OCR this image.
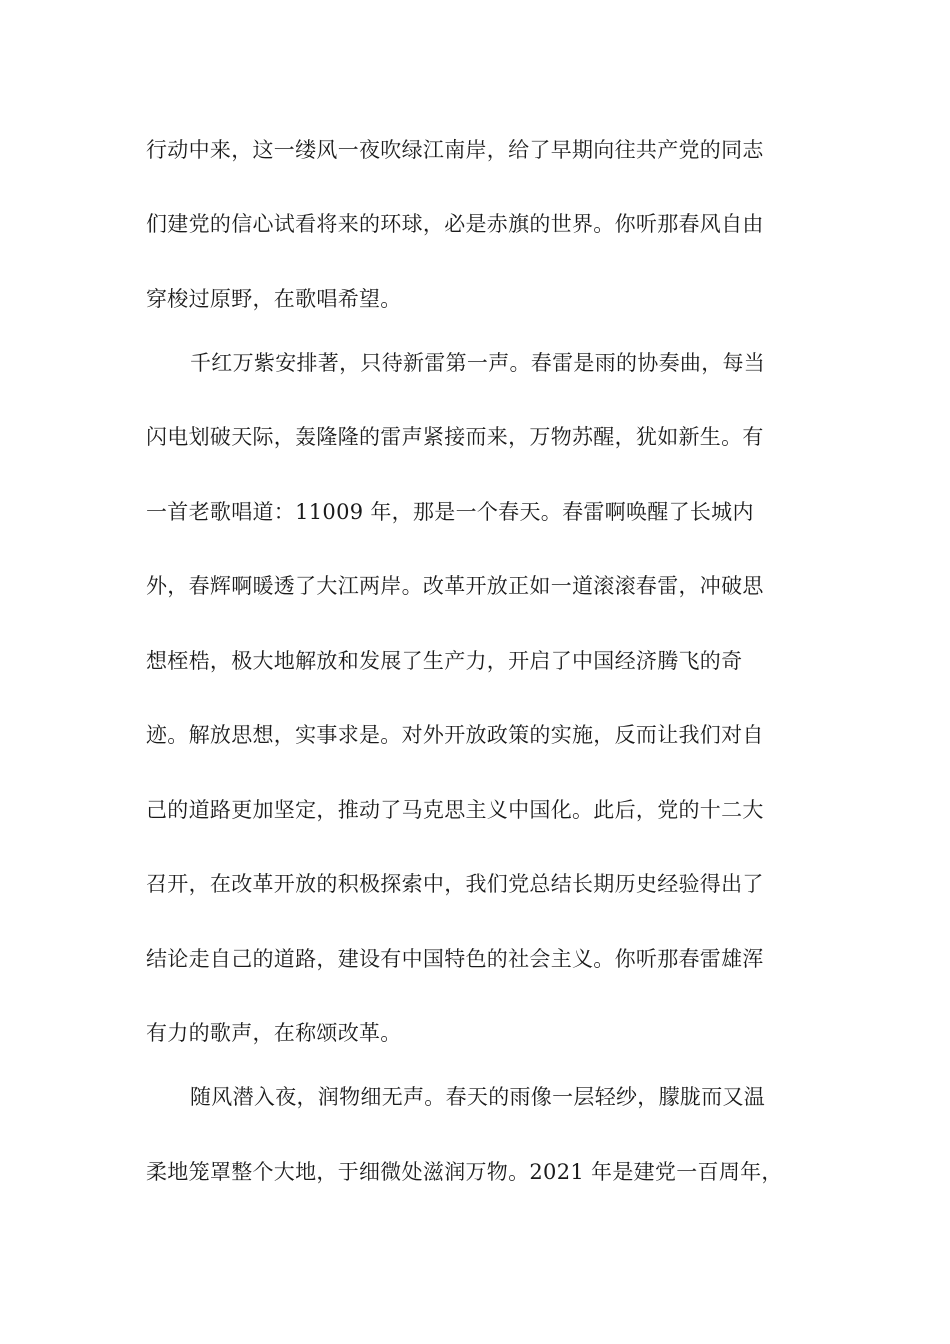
行动中来，这一缕风一夜吹绿江南岸，给了早期向往共产党的同志
们建党的信心试看将来的环球，必是赤旗的世界。你听那春风自由
穿梭过原野，在歌唱希望。
千红万紫安排著，只待新雷第一声。春雷是雨的协奏曲，每当
闪电划破天际，轰隆隆的雷声紧接而来，万物苏醒，犹如新生。有
一首老歌唱道：11009 年，那是一个春天。春雷啊唤醒了长城内
外，春辉啊暖透了大江两岸。改革开放正如一道滚滚春雷，冲破思
想桎梏，极大地解放和发展了生产力，开启了中国经济腾飞的奇
迹。解放思想，实事求是。对外开放政策的实施，反而让我们对自
己的道路更加坚定，推动了马克思主义中国化。此后，党的十二大
召开，在改革开放的积极探索中，我们党总结长期历史经验得出了
结论走自己的道路，建设有中国特色的社会主义。你听那春雷雄浑
有力的歌声，在称颂改革。
随风潜入夜，润物细无声。春天的雨像一层轻纱，朦胧而又温
柔地笼罩整个大地，于细微处滋润万物。2021 年是建党一百周年，
